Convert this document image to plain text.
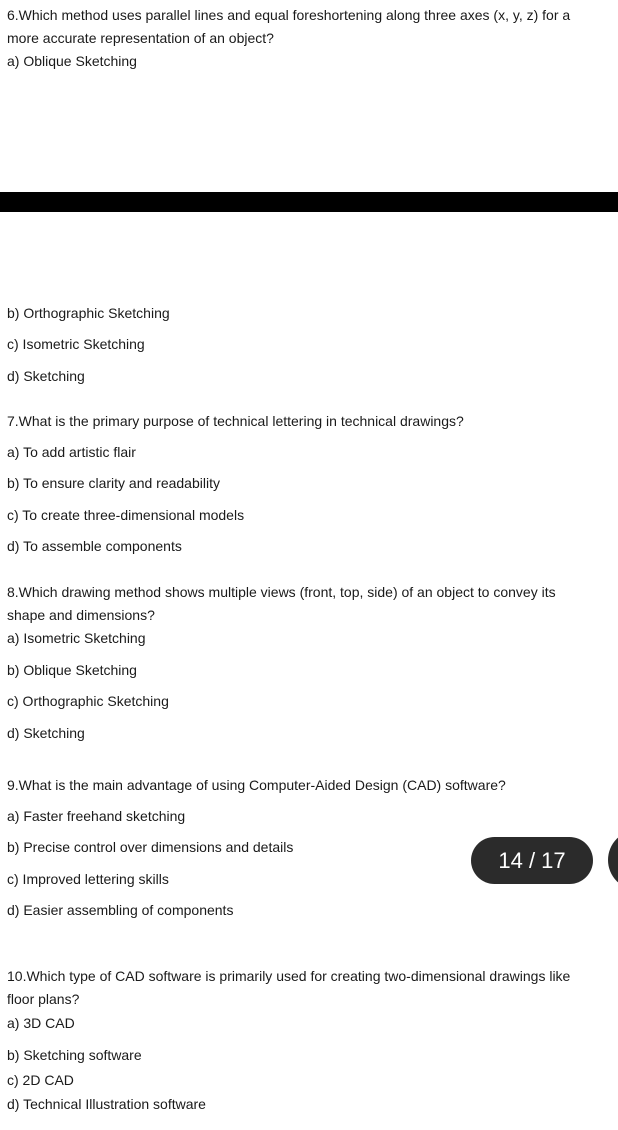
6.Which method uses parallel lines and equal foreshortening along three axes (x, y, z) for a
more accurate representation of an object?
a) Oblique Sketching
b) Orthographic Sketching
c) Isometric Sketching
d) Sketching
7.What is the primary purpose of technical lettering in technical drawings?
a) To add artistic flair
b) To ensure clarity and readability
c) To create three-dimensional models
d) To assemble components
8.Which drawing method shows multiple views (front, top, side) of an object to convey its
shape and dimensions?
a) Isometric Sketching
b) Oblique Sketching
c) Orthographic Sketching
d) Sketching
9.What is the main advantage of using Computer-Aided Design (CAD) software?
a) Faster freehand sketching
b) Precise control over dimensions and details
c) Improved lettering skills
d) Easier assembling of components
10.Which type of CAD software is primarily used for creating two-dimensional drawings like
floor plans?
a) 3D CAD
b) Sketching software
c) 2D CAD
d) Technical Illustration software
14 / 17
